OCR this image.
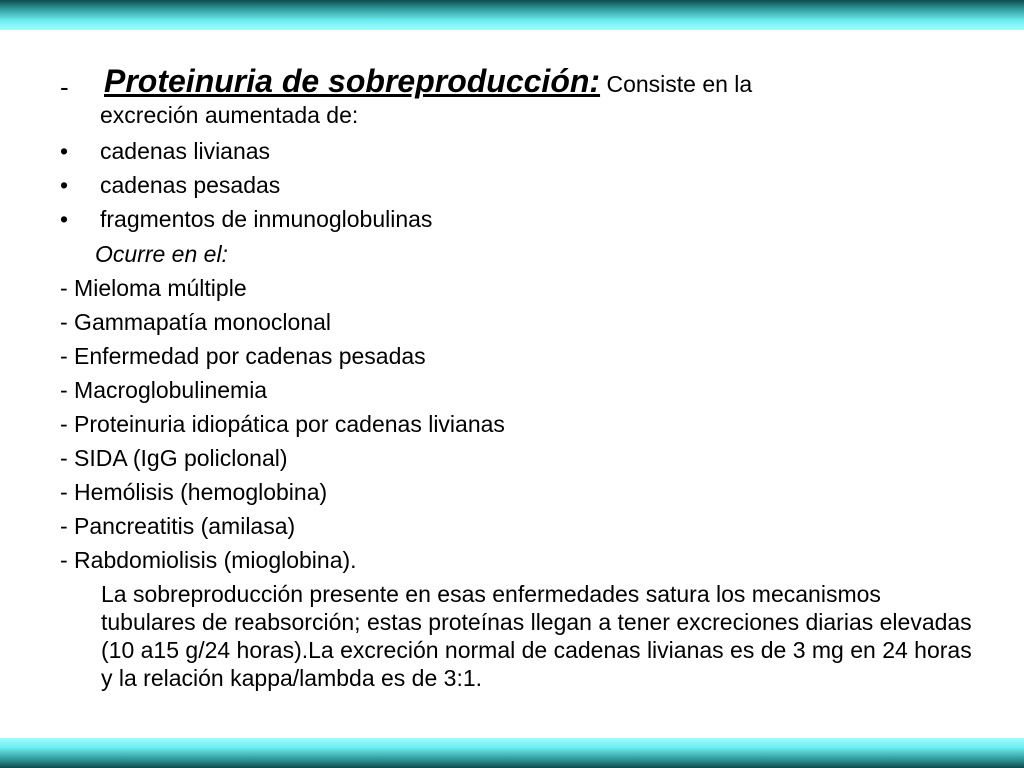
- Proteinuria de sobreproducción: Consiste en la
excreción aumentada de:
• cadenas livianas
• cadenas pesadas
• fragmentos de inmunoglobulinas
Ocurre en el:
- Mieloma múltiple
- Gammapatía monoclonal
- Enfermedad por cadenas pesadas
- Macroglobulinemia
- Proteinuria idiopática por cadenas livianas
- SIDA (IgG policlonal)
- Hemólisis (hemoglobina)
- Pancreatitis (amilasa)
- Rabdomiolisis (mioglobina).
La sobreproducción presente en esas enfermedades satura los mecanismos tubulares de reabsorción; estas proteínas llegan a tener excreciones diarias elevadas (10 a15 g/24 horas).La excreción normal de cadenas livianas es de 3 mg en 24 horas y la relación kappa/lambda es de 3:1.
